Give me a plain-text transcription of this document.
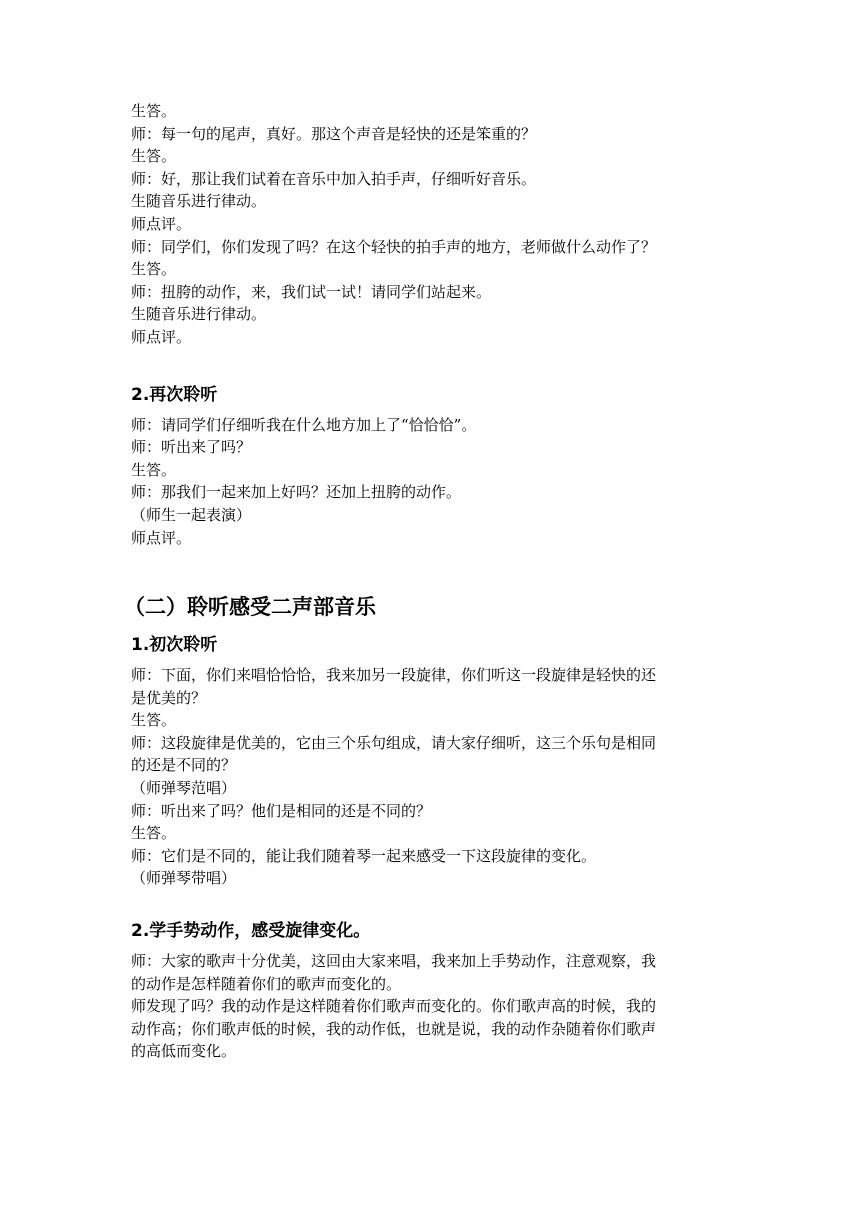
生答。

师：每一句的尾声，真好。那这个声音是轻快的还是笨重的？

生答。

师：好，那让我们试着在音乐中加入拍手声，仔细听好音乐。

生随音乐进行律动。

师点评。

师：同学们，你们发现了吗？在这个轻快的拍手声的地方，老师做什么动作了？

生答。

师：扭胯的动作，来，我们试一试！请同学们站起来。

生随音乐进行律动。

师点评。

2.再次聆听

师：请同学们仔细听我在什么地方加上了“恰恰恰”。

师：听出来了吗？

生答。

师：那我们一起来加上好吗？还加上扭胯的动作。

（师生一起表演）

师点评。

（二）聆听感受二声部音乐
1.初次聆听

师：下面，你们来唱恰恰恰，我来加另一段旋律，你们听这一段旋律是轻快的还

是优美的？

生答。

师：这段旋律是优美的，它由三个乐句组成，请大家仔细听，这三个乐句是相同

的还是不同的？

（师弹琴范唱）

师：听出来了吗？他们是相同的还是不同的？

生答。

师：它们是不同的，能让我们随着琴一起来感受一下这段旋律的变化。

（师弹琴带唱）

2.学手势动作，感受旋律变化。

师：大家的歌声十分优美，这回由大家来唱，我来加上手势动作，注意观察，我

的动作是怎样随着你们的歌声而变化的。

师发现了吗？我的动作是这样随着你们歌声而变化的。你们歌声高的时候，我的

动作高；你们歌声低的时候，我的动作低，也就是说，我的动作杂随着你们歌声

的高低而变化。
